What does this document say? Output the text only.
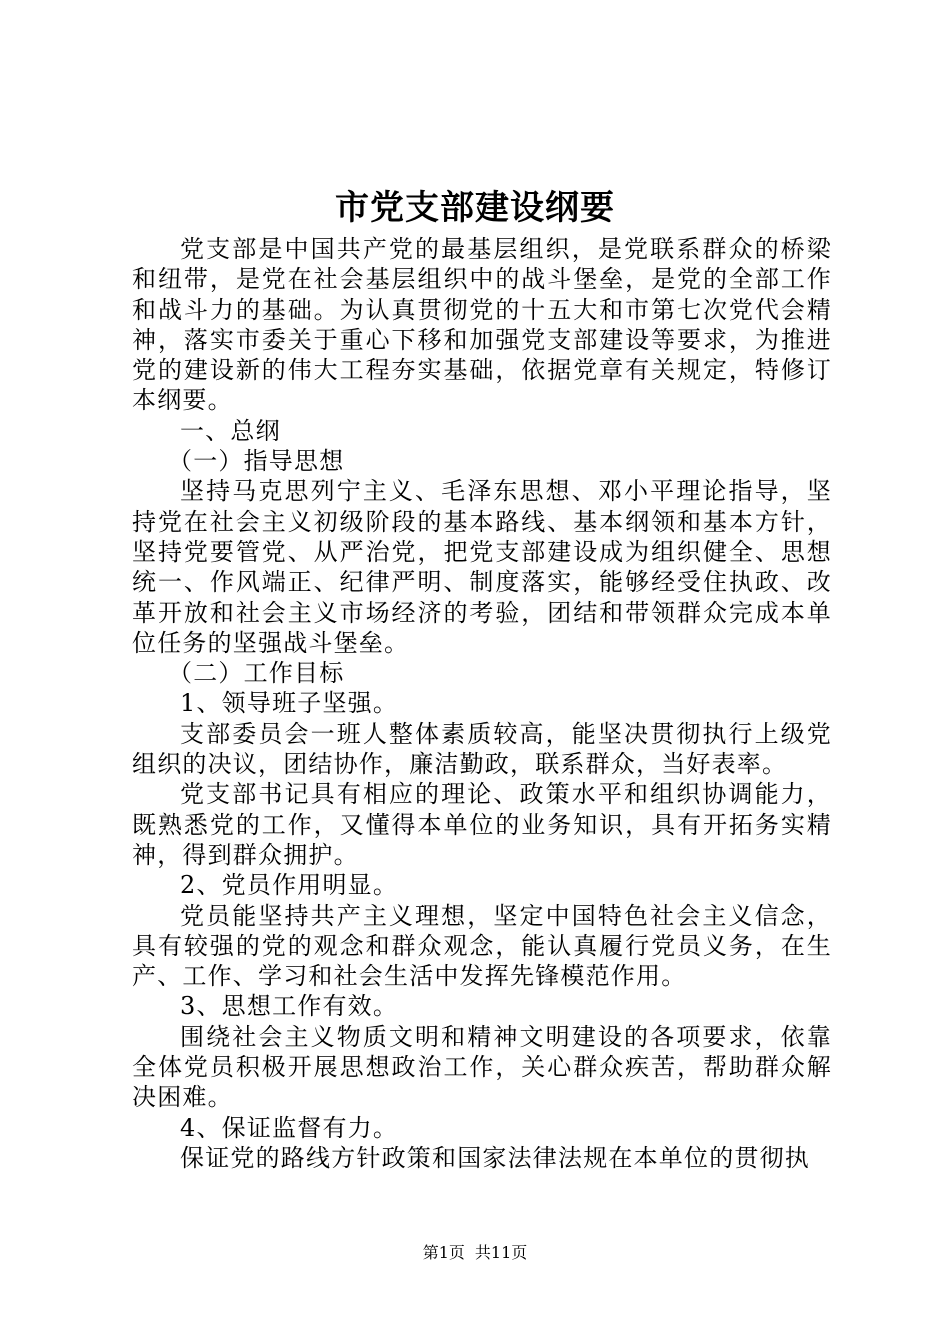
市党支部建设纲要

党支部是中国共产党的最基层组织，是党联系群众的桥梁和纽带，是党在社会基层组织中的战斗堡垒，是党的全部工作和战斗力的基础。为认真贯彻党的十五大和市第七次党代会精神，落实市委关于重心下移和加强党支部建设等要求，为推进党的建设新的伟大工程夯实基础，依据党章有关规定，特修订本纲要。

一、总纲

（一）指导思想

坚持马克思列宁主义、毛泽东思想、邓小平理论指导，坚持党在社会主义初级阶段的基本路线、基本纲领和基本方针，坚持党要管党、从严治党，把党支部建设成为组织健全、思想统一、作风端正、纪律严明、制度落实，能够经受住执政、改革开放和社会主义市场经济的考验，团结和带领群众完成本单位任务的坚强战斗堡垒。

（二）工作目标

1、领导班子坚强。

支部委员会一班人整体素质较高，能坚决贯彻执行上级党组织的决议，团结协作，廉洁勤政，联系群众，当好表率。

党支部书记具有相应的理论、政策水平和组织协调能力，既熟悉党的工作，又懂得本单位的业务知识，具有开拓务实精神，得到群众拥护。

2、党员作用明显。

党员能坚持共产主义理想，坚定中国特色社会主义信念，具有较强的党的观念和群众观念，能认真履行党员义务，在生产、工作、学习和社会生活中发挥先锋模范作用。

3、思想工作有效。

围绕社会主义物质文明和精神文明建设的各项要求，依靠全体党员积极开展思想政治工作，关心群众疾苦，帮助群众解决困难。

4、保证监督有力。

保证党的路线方针政策和国家法律法规在本单位的贯彻执

第1页 共11页
